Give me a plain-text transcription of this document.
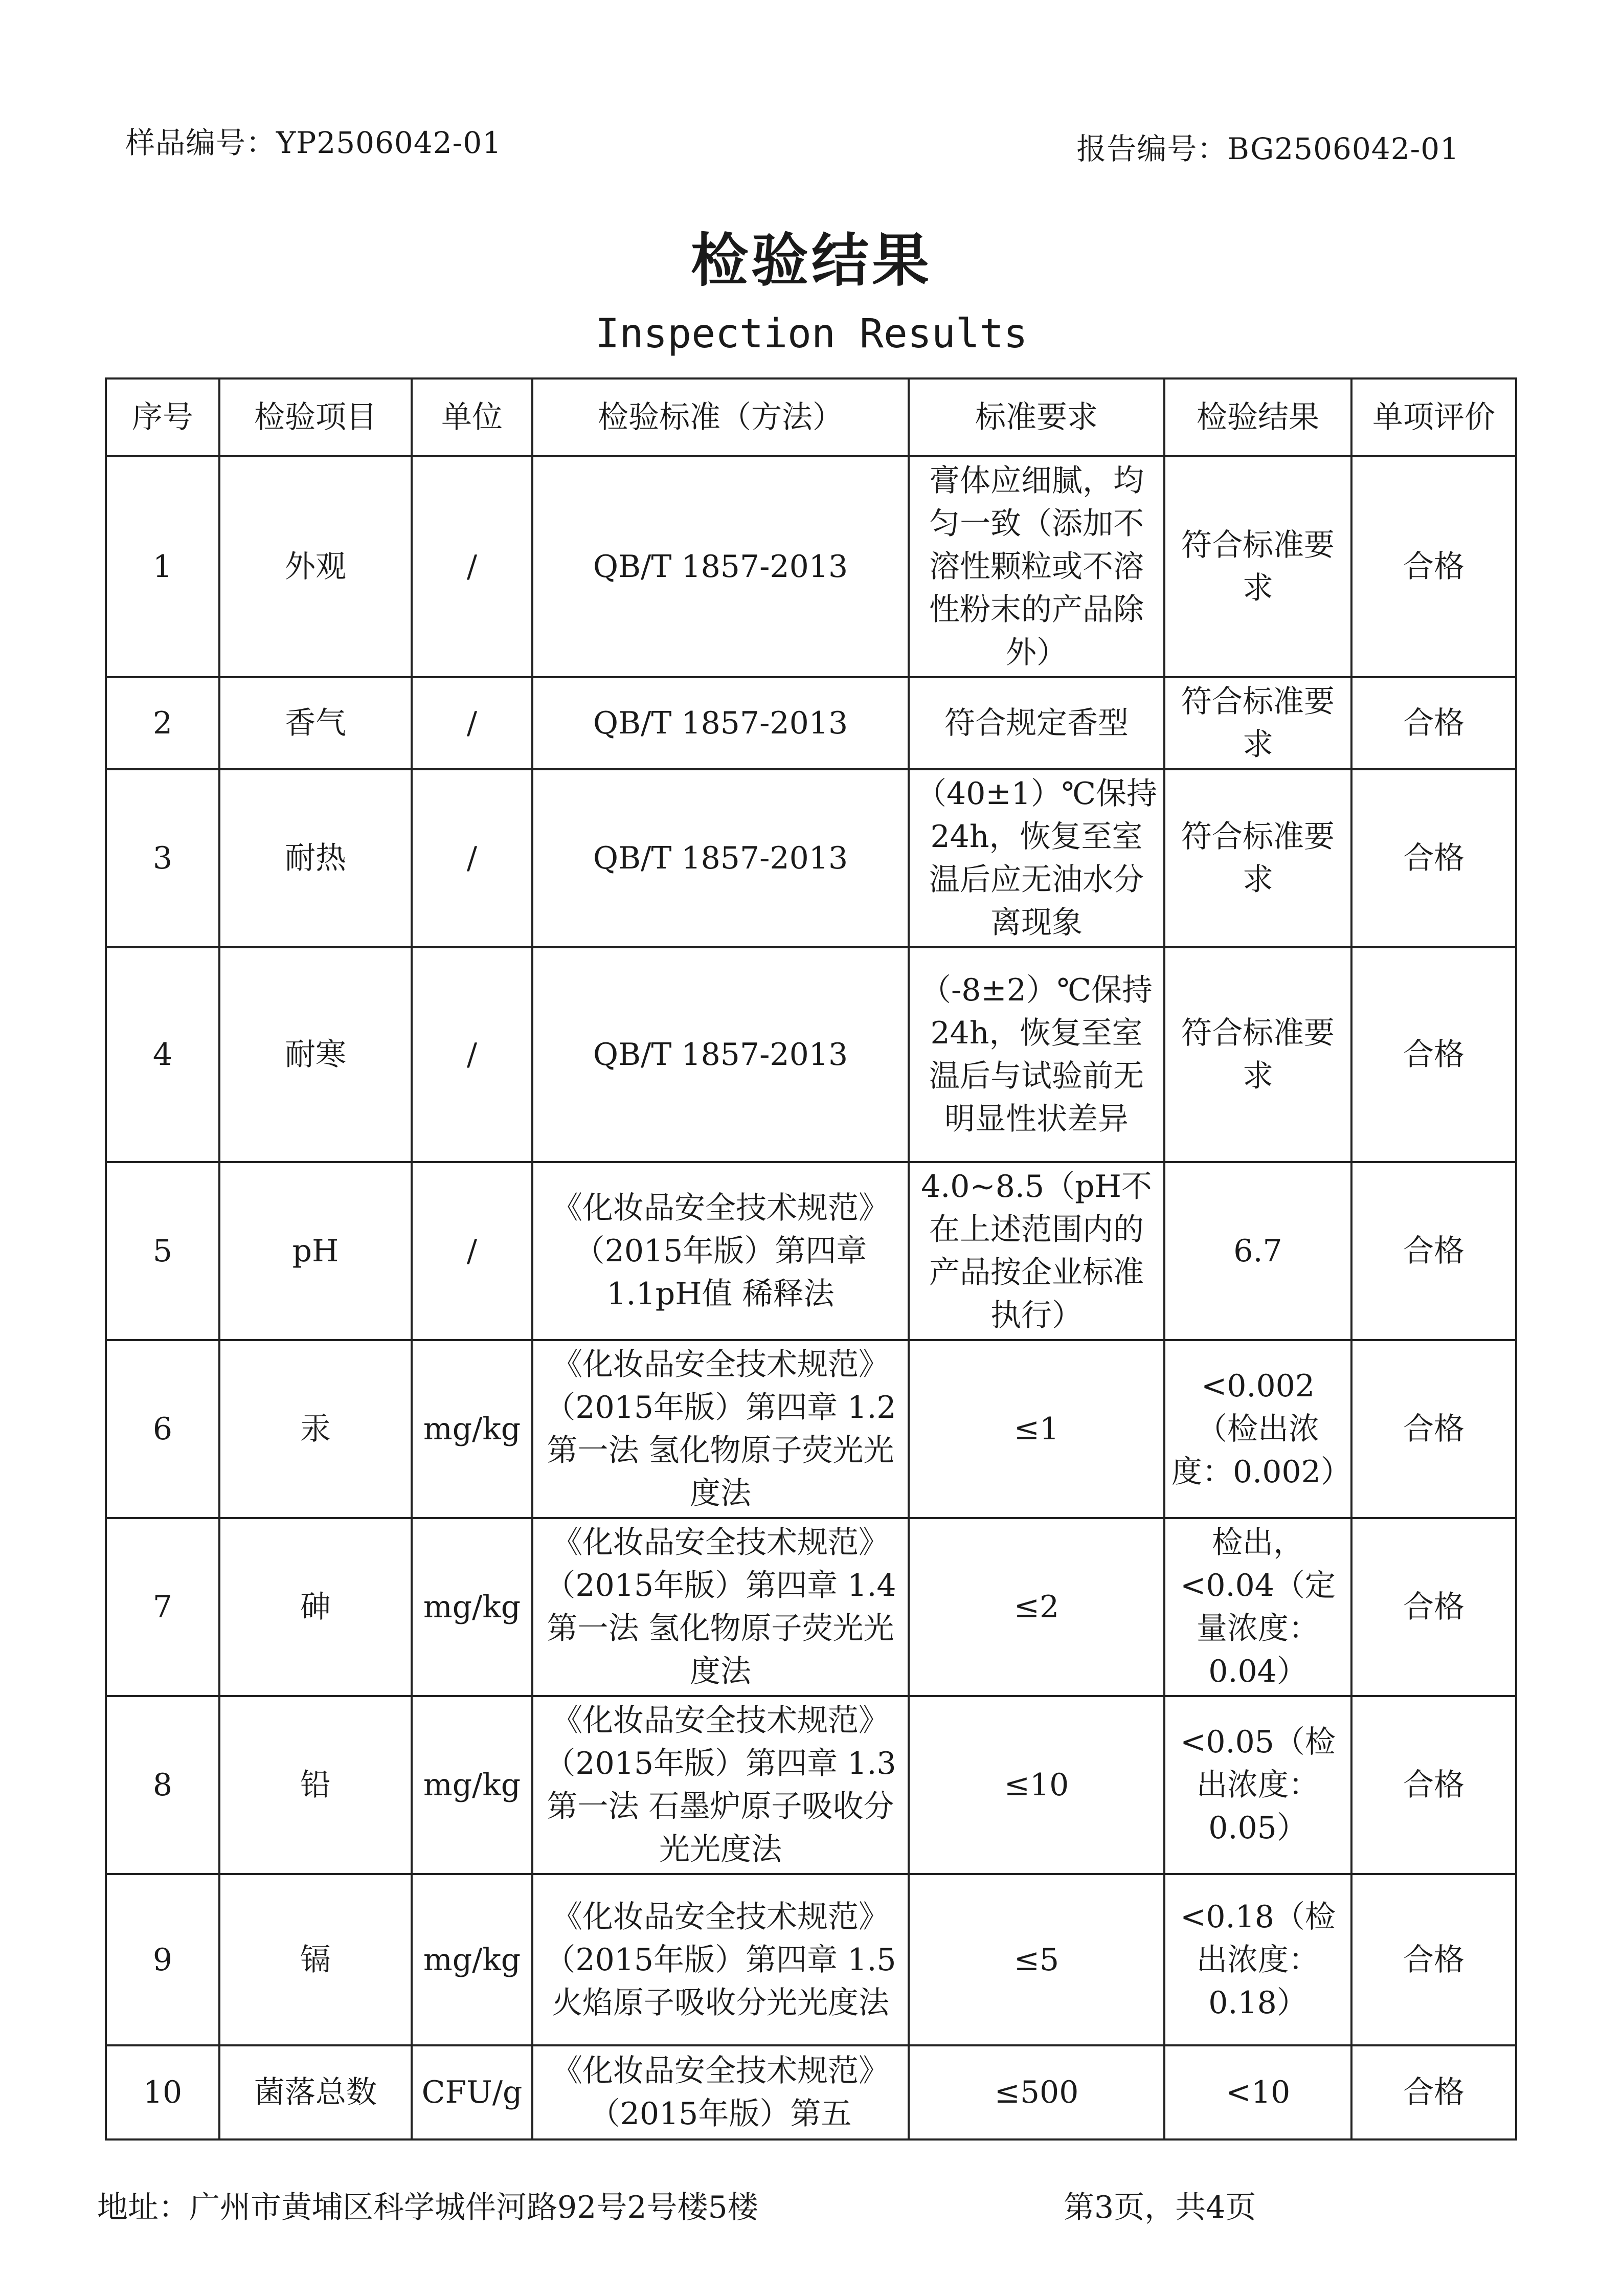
样品编号：YP2506042-01	报告编号：BG2506042-01
检验结果
Inspection Results
序号	检验项目	单位	检验标准（方法）	标准要求	检验结果	单项评价
1	外观	/	QB/T 1857-2013	膏体应细腻，均匀一致（添加不溶性颗粒或不溶性粉末的产品除外）	符合标准要求	合格
2	香气	/	QB/T 1857-2013	符合规定香型	符合标准要求	合格
3	耐热	/	QB/T 1857-2013	（40±1）℃保持24h，恢复至室温后应无油水分离现象	符合标准要求	合格
4	耐寒	/	QB/T 1857-2013	（-8±2）℃保持24h，恢复至室温后与试验前无明显性状差异	符合标准要求	合格
5	pH	/	《化妆品安全技术规范》（2015年版）第四章 1.1pH值 稀释法	4.0~8.5（pH不在上述范围内的产品按企业标准执行）	6.7	合格
6	汞	mg/kg	《化妆品安全技术规范》（2015年版）第四章 1.2第一法 氢化物原子荧光光度法	≤1	<0.002（检出浓度：0.002）	合格
7	砷	mg/kg	《化妆品安全技术规范》（2015年版）第四章 1.4第一法 氢化物原子荧光光度法	≤2	检出，<0.04（定量浓度：0.04）	合格
8	铅	mg/kg	《化妆品安全技术规范》（2015年版）第四章 1.3 第一法 石墨炉原子吸收分光光度法	≤10	<0.05（检出浓度：0.05）	合格
9	镉	mg/kg	《化妆品安全技术规范》（2015年版）第四章 1.5 火焰原子吸收分光光度法	≤5	<0.18（检出浓度：0.18）	合格
10	菌落总数	CFU/g	《化妆品安全技术规范》（2015年版）第五	≤500	<10	合格
地址：广州市黄埔区科学城伴河路92号2号楼5楼	第3页，共4页
